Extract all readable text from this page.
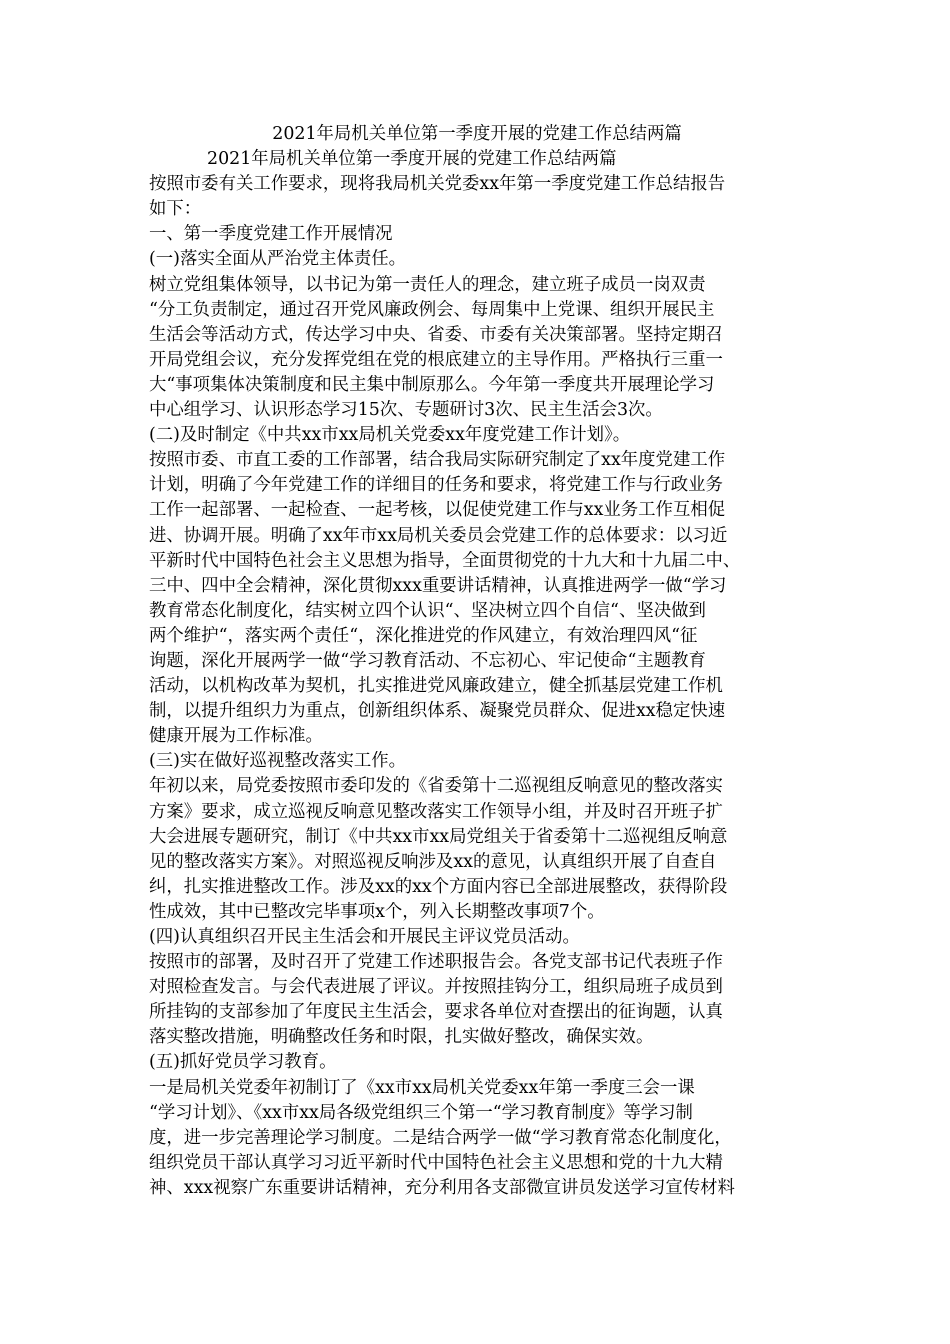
2021年局机关单位第一季度开展的党建工作总结两篇
2021年局机关单位第一季度开展的党建工作总结两篇
按照市委有关工作要求，现将我局机关党委xx年第一季度党建工作总结报告
如下：
一、第一季度党建工作开展情况
(一)落实全面从严治党主体责任。
树立党组集体领导，以书记为第一责任人的理念，建立班子成员一岗双责
“分工负责制定，通过召开党风廉政例会、每周集中上党课、组织开展民主
生活会等活动方式，传达学习中央、省委、市委有关决策部署。坚持定期召
开局党组会议，充分发挥党组在党的根底建立的主导作用。严格执行三重一
大“事项集体决策制度和民主集中制原那么。今年第一季度共开展理论学习
中心组学习、认识形态学习15次、专题研讨3次、民主生活会3次。
(二)及时制定《中共xx市xx局机关党委xx年度党建工作计划》。
按照市委、市直工委的工作部署，结合我局实际研究制定了xx年度党建工作
计划，明确了今年党建工作的详细目的任务和要求，将党建工作与行政业务
工作一起部署、一起检查、一起考核，以促使党建工作与xx业务工作互相促
进、协调开展。明确了xx年市xx局机关委员会党建工作的总体要求：以习近
平新时代中国特色社会主义思想为指导，全面贯彻党的十九大和十九届二中、
三中、四中全会精神，深化贯彻xxx重要讲话精神，认真推进两学一做“学习
教育常态化制度化，结实树立四个认识“、坚决树立四个自信“、坚决做到
两个维护“，落实两个责任“，深化推进党的作风建立，有效治理四风“征
询题，深化开展两学一做“学习教育活动、不忘初心、牢记使命“主题教育
活动，以机构改革为契机，扎实推进党风廉政建立，健全抓基层党建工作机
制，以提升组织力为重点，创新组织体系、凝聚党员群众、促进xx稳定快速
健康开展为工作标准。
(三)实在做好巡视整改落实工作。
年初以来，局党委按照市委印发的《省委第十二巡视组反响意见的整改落实
方案》要求，成立巡视反响意见整改落实工作领导小组，并及时召开班子扩
大会进展专题研究，制订《中共xx市xx局党组关于省委第十二巡视组反响意
见的整改落实方案》。对照巡视反响涉及xx的意见，认真组织开展了自查自
纠，扎实推进整改工作。涉及xx的xx个方面内容已全部进展整改，获得阶段
性成效，其中已整改完毕事项x个，列入长期整改事项7个。
(四)认真组织召开民主生活会和开展民主评议党员活动。
按照市的部署，及时召开了党建工作述职报告会。各党支部书记代表班子作
对照检查发言。与会代表进展了评议。并按照挂钩分工，组织局班子成员到
所挂钩的支部参加了年度民主生活会，要求各单位对查摆出的征询题，认真
落实整改措施，明确整改任务和时限，扎实做好整改，确保实效。
(五)抓好党员学习教育。
一是局机关党委年初制订了《xx市xx局机关党委xx年第一季度三会一课
“学习计划》、《xx市xx局各级党组织三个第一“学习教育制度》等学习制
度，进一步完善理论学习制度。二是结合两学一做“学习教育常态化制度化，
组织党员干部认真学习习近平新时代中国特色社会主义思想和党的十九大精
神、xxx视察广东重要讲话精神，充分利用各支部微宣讲员发送学习宣传材料
